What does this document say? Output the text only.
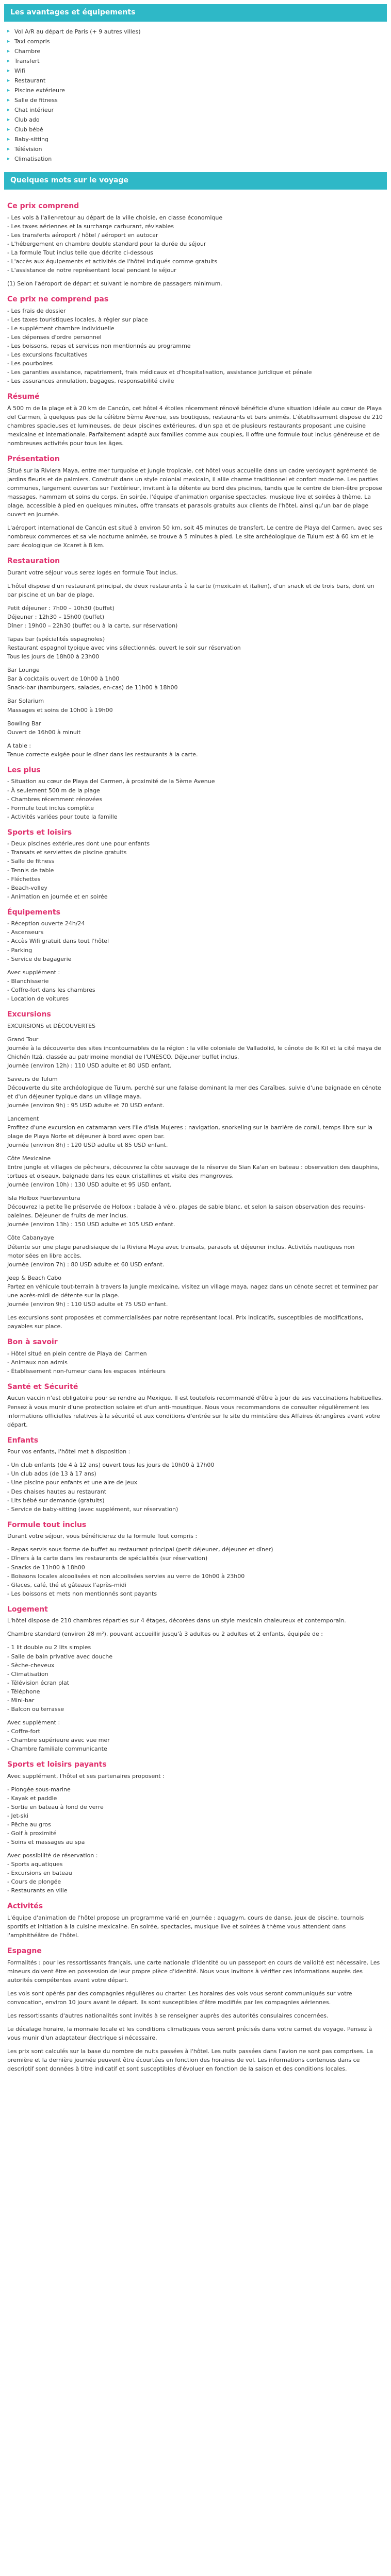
Les avantages et équipements
▸ Vol A/R au départ de Paris (+ 9 autres villes)
▸ Taxi compris
▸ Chambre
▸ Transfert
▸ Wifi
▸ Restaurant
▸ Piscine extérieure
▸ Salle de fitness
▸ Chat intérieur
▸ Club ado
▸ Club bébé
▸ Baby-sitting
▸ Télévision
▸ Climatisation
Quelques mots sur le voyage
Ce prix comprend

- Les vols à l'aller-retour au départ de la ville choisie, en classe économique
- Les taxes aériennes et la surcharge carburant, révisables
- Les transferts aéroport / hôtel / aéroport en autocar
- L'hébergement en chambre double standard pour la durée du séjour
- La formule Tout inclus telle que décrite ci-dessous
- L'accès aux équipements et activités de l'hôtel indiqués comme gratuits
- L'assistance de notre représentant local pendant le séjour

(1) Selon l'aéroport de départ et suivant le nombre de passagers minimum.

Ce prix ne comprend pas

- Les frais de dossier
- Les taxes touristiques locales, à régler sur place
- Le supplément chambre individuelle
- Les dépenses d'ordre personnel
- Les boissons, repas et services non mentionnés au programme
- Les excursions facultatives
- Les pourboires
- Les garanties assistance, rapatriement, frais médicaux et d'hospitalisation, assistance juridique et pénale
- Les assurances annulation, bagages, responsabilité civile

Résumé

À 500 m de la plage et à 20 km de Cancún, cet hôtel 4 étoiles récemment rénové bénéficie d'une situation idéale au cœur de Playa del Carmen, à quelques pas de la célèbre 5ème Avenue, ses boutiques, restaurants et bars animés. L'établissement dispose de 210 chambres spacieuses et lumineuses, de deux piscines extérieures, d'un spa et de plusieurs restaurants proposant une cuisine mexicaine et internationale. Parfaitement adapté aux familles comme aux couples, il offre une formule tout inclus généreuse et de nombreuses activités pour tous les âges.

Présentation

Situé sur la Riviera Maya, entre mer turquoise et jungle tropicale, cet hôtel vous accueille dans un cadre verdoyant agrémenté de jardins fleuris et de palmiers. Construit dans un style colonial mexicain, il allie charme traditionnel et confort moderne. Les parties communes, largement ouvertes sur l'extérieur, invitent à la détente au bord des piscines, tandis que le centre de bien-être propose massages, hammam et soins du corps. En soirée, l'équipe d'animation organise spectacles, musique live et soirées à thème. La plage, accessible à pied en quelques minutes, offre transats et parasols gratuits aux clients de l'hôtel, ainsi qu'un bar de plage ouvert en journée.

L'aéroport international de Cancún est situé à environ 50 km, soit 45 minutes de transfert. Le centre de Playa del Carmen, avec ses nombreux commerces et sa vie nocturne animée, se trouve à 5 minutes à pied. Le site archéologique de Tulum est à 60 km et le parc écologique de Xcaret à 8 km.

Restauration

Durant votre séjour vous serez logés en formule Tout inclus.

L'hôtel dispose d'un restaurant principal, de deux restaurants à la carte (mexicain et italien), d'un snack et de trois bars, dont un bar piscine et un bar de plage.

Petit déjeuner : 7h00 – 10h30 (buffet)
Déjeuner : 12h30 – 15h00 (buffet)
Dîner : 19h00 – 22h30 (buffet ou à la carte, sur réservation)

Tapas bar (spécialités espagnoles)
Restaurant espagnol typique avec vins sélectionnés, ouvert le soir sur réservation
Tous les jours de 18h00 à 23h00

Bar Lounge
Bar à cocktails ouvert de 10h00 à 1h00
Snack-bar (hamburgers, salades, en-cas) de 11h00 à 18h00

Bar Solarium
Massages et soins de 10h00 à 19h00

Bowling Bar
Ouvert de 16h00 à minuit

A table :
Tenue correcte exigée pour le dîner dans les restaurants à la carte.

Les plus

- Situation au cœur de Playa del Carmen, à proximité de la 5ème Avenue
- À seulement 500 m de la plage
- Chambres récemment rénovées
- Formule tout inclus complète
- Activités variées pour toute la famille

Sports et loisirs

- Deux piscines extérieures dont une pour enfants
- Transats et serviettes de piscine gratuits
- Salle de fitness
- Tennis de table
- Fléchettes
- Beach-volley
- Animation en journée et en soirée

Équipements

- Réception ouverte 24h/24
- Ascenseurs
- Accès Wifi gratuit dans tout l'hôtel
- Parking
- Service de bagagerie

Avec supplément :
- Blanchisserie
- Coffre-fort dans les chambres
- Location de voitures

Excursions

EXCURSIONS et DÉCOUVERTES

Grand Tour
Journée à la découverte des sites incontournables de la région : la ville coloniale de Valladolid, le cénote de Ik Kil et la cité maya de Chichén Itzá, classée au patrimoine mondial de l'UNESCO. Déjeuner buffet inclus.
Journée (environ 12h) : 110 USD adulte et 80 USD enfant.

Saveurs de Tulum
Découverte du site archéologique de Tulum, perché sur une falaise dominant la mer des Caraïbes, suivie d'une baignade en cénote et d'un déjeuner typique dans un village maya.
Journée (environ 9h) : 95 USD adulte et 70 USD enfant.

Lancement
Profitez d'une excursion en catamaran vers l'île d'Isla Mujeres : navigation, snorkeling sur la barrière de corail, temps libre sur la plage de Playa Norte et déjeuner à bord avec open bar.
Journée (environ 8h) : 120 USD adulte et 85 USD enfant.

Côte Mexicaine
Entre jungle et villages de pêcheurs, découvrez la côte sauvage de la réserve de Sian Ka'an en bateau : observation des dauphins, tortues et oiseaux, baignade dans les eaux cristallines et visite des mangroves.
Journée (environ 10h) : 130 USD adulte et 95 USD enfant.

Isla Holbox Fuerteventura
Découvrez la petite île préservée de Holbox : balade à vélo, plages de sable blanc, et selon la saison observation des requins-baleines. Déjeuner de fruits de mer inclus.
Journée (environ 13h) : 150 USD adulte et 105 USD enfant.

Côte Cabanyaye
Détente sur une plage paradisiaque de la Riviera Maya avec transats, parasols et déjeuner inclus. Activités nautiques non motorisées en libre accès.
Journée (environ 7h) : 80 USD adulte et 60 USD enfant.

Jeep & Beach Cabo
Partez en véhicule tout-terrain à travers la jungle mexicaine, visitez un village maya, nagez dans un cénote secret et terminez par une après-midi de détente sur la plage.
Journée (environ 9h) : 110 USD adulte et 75 USD enfant.

Les excursions sont proposées et commercialisées par notre représentant local. Prix indicatifs, susceptibles de modifications, payables sur place.

Bon à savoir

- Hôtel situé en plein centre de Playa del Carmen
- Animaux non admis
- Établissement non-fumeur dans les espaces intérieurs

Santé et Sécurité

Aucun vaccin n'est obligatoire pour se rendre au Mexique. Il est toutefois recommandé d'être à jour de ses vaccinations habituelles. Pensez à vous munir d'une protection solaire et d'un anti-moustique. Nous vous recommandons de consulter régulièrement les informations officielles relatives à la sécurité et aux conditions d'entrée sur le site du ministère des Affaires étrangères avant votre départ.

Enfants

Pour vos enfants, l'hôtel met à disposition :

- Un club enfants (de 4 à 12 ans) ouvert tous les jours de 10h00 à 17h00
- Un club ados (de 13 à 17 ans)
- Une piscine pour enfants et une aire de jeux
- Des chaises hautes au restaurant
- Lits bébé sur demande (gratuits)
- Service de baby-sitting (avec supplément, sur réservation)

Formule tout inclus

Durant votre séjour, vous bénéficierez de la formule Tout compris :

- Repas servis sous forme de buffet au restaurant principal (petit déjeuner, déjeuner et dîner)
- Dîners à la carte dans les restaurants de spécialités (sur réservation)
- Snacks de 11h00 à 18h00
- Boissons locales alcoolisées et non alcoolisées servies au verre de 10h00 à 23h00
- Glaces, café, thé et gâteaux l'après-midi
- Les boissons et mets non mentionnés sont payants

Logement

L'hôtel dispose de 210 chambres réparties sur 4 étages, décorées dans un style mexicain chaleureux et contemporain.

Chambre standard (environ 28 m²), pouvant accueillir jusqu'à 3 adultes ou 2 adultes et 2 enfants, équipée de :

- 1 lit double ou 2 lits simples
- Salle de bain privative avec douche
- Sèche-cheveux
- Climatisation
- Télévision écran plat
- Téléphone
- Mini-bar
- Balcon ou terrasse

Avec supplément :
- Coffre-fort
- Chambre supérieure avec vue mer
- Chambre familiale communicante

Sports et loisirs payants

Avec supplément, l'hôtel et ses partenaires proposent :

- Plongée sous-marine
- Kayak et paddle
- Sortie en bateau à fond de verre
- Jet-ski
- Pêche au gros
- Golf à proximité
- Soins et massages au spa

Avec possibilité de réservation :
- Sports aquatiques
- Excursions en bateau
- Cours de plongée
- Restaurants en ville

Activités

L'équipe d'animation de l'hôtel propose un programme varié en journée : aquagym, cours de danse, jeux de piscine, tournois sportifs et initiation à la cuisine mexicaine. En soirée, spectacles, musique live et soirées à thème vous attendent dans l'amphithéâtre de l'hôtel.

Espagne

Formalités : pour les ressortissants français, une carte nationale d'identité ou un passeport en cours de validité est nécessaire. Les mineurs doivent être en possession de leur propre pièce d'identité. Nous vous invitons à vérifier ces informations auprès des autorités compétentes avant votre départ.

Les vols sont opérés par des compagnies régulières ou charter. Les horaires des vols vous seront communiqués sur votre convocation, environ 10 jours avant le départ. Ils sont susceptibles d'être modifiés par les compagnies aériennes.

Les ressortissants d'autres nationalités sont invités à se renseigner auprès des autorités consulaires concernées.

Le décalage horaire, la monnaie locale et les conditions climatiques vous seront précisés dans votre carnet de voyage. Pensez à vous munir d'un adaptateur électrique si nécessaire.

Les prix sont calculés sur la base du nombre de nuits passées à l'hôtel. Les nuits passées dans l'avion ne sont pas comprises. La première et la dernière journée peuvent être écourtées en fonction des horaires de vol. Les informations contenues dans ce descriptif sont données à titre indicatif et sont susceptibles d'évoluer en fonction de la saison et des conditions locales.
